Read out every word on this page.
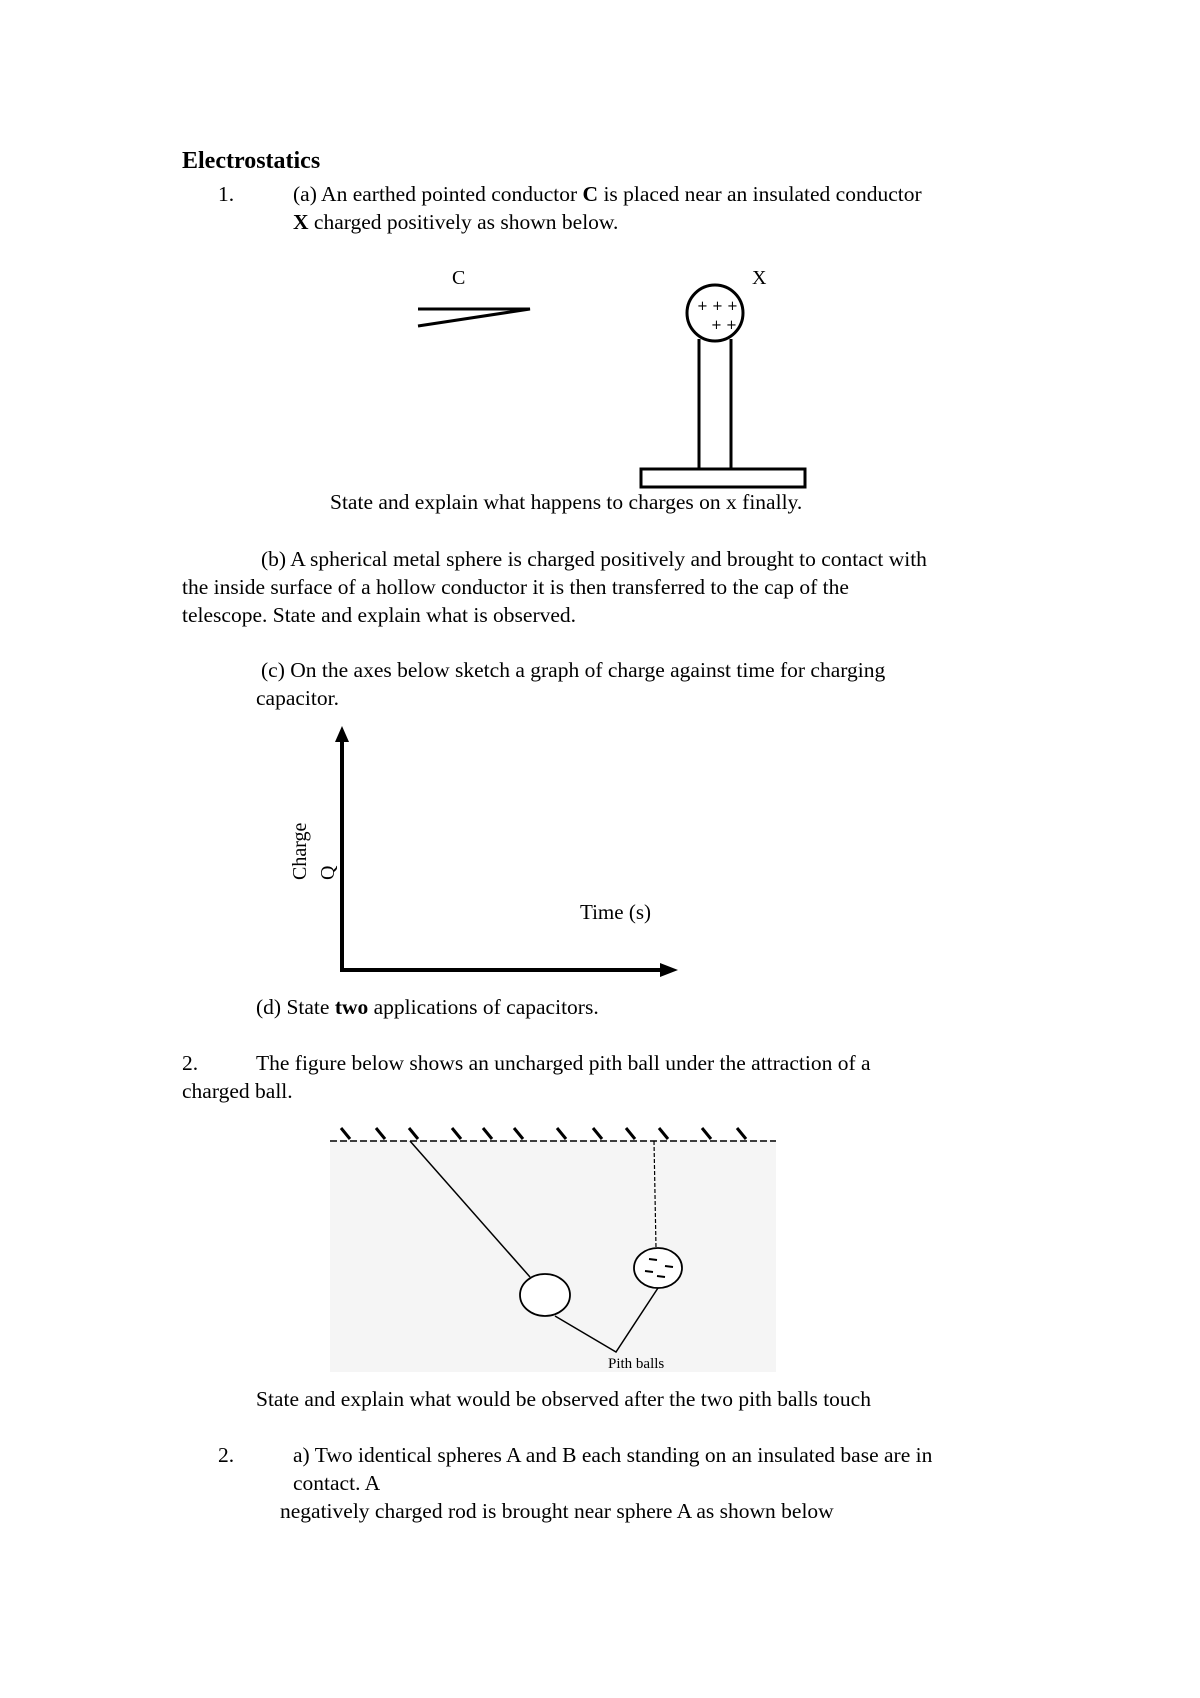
Electrostatics
1.	(a) An earthed pointed conductor C is placed near an insulated conductor
X charged positively as shown below.
C	X
+ + +
+ +
Charge Q
Time (s)
Pith balls
State and explain what happens to charges on x finally.
(b) A spherical metal sphere is charged positively and brought to contact with
the inside surface of a hollow conductor it is then transferred to the cap of the
telescope. State and explain what is observed.
(c) On the axes below sketch a graph of charge against time for charging
capacitor.
(d) State two applications of capacitors.
2.	The figure below shows an uncharged pith ball under the attraction of a
charged ball.
State and explain what would be observed after the two pith balls touch
2.	a) Two identical spheres A and B each standing on an insulated base are in
contact. A
negatively charged rod is brought near sphere A as shown below
